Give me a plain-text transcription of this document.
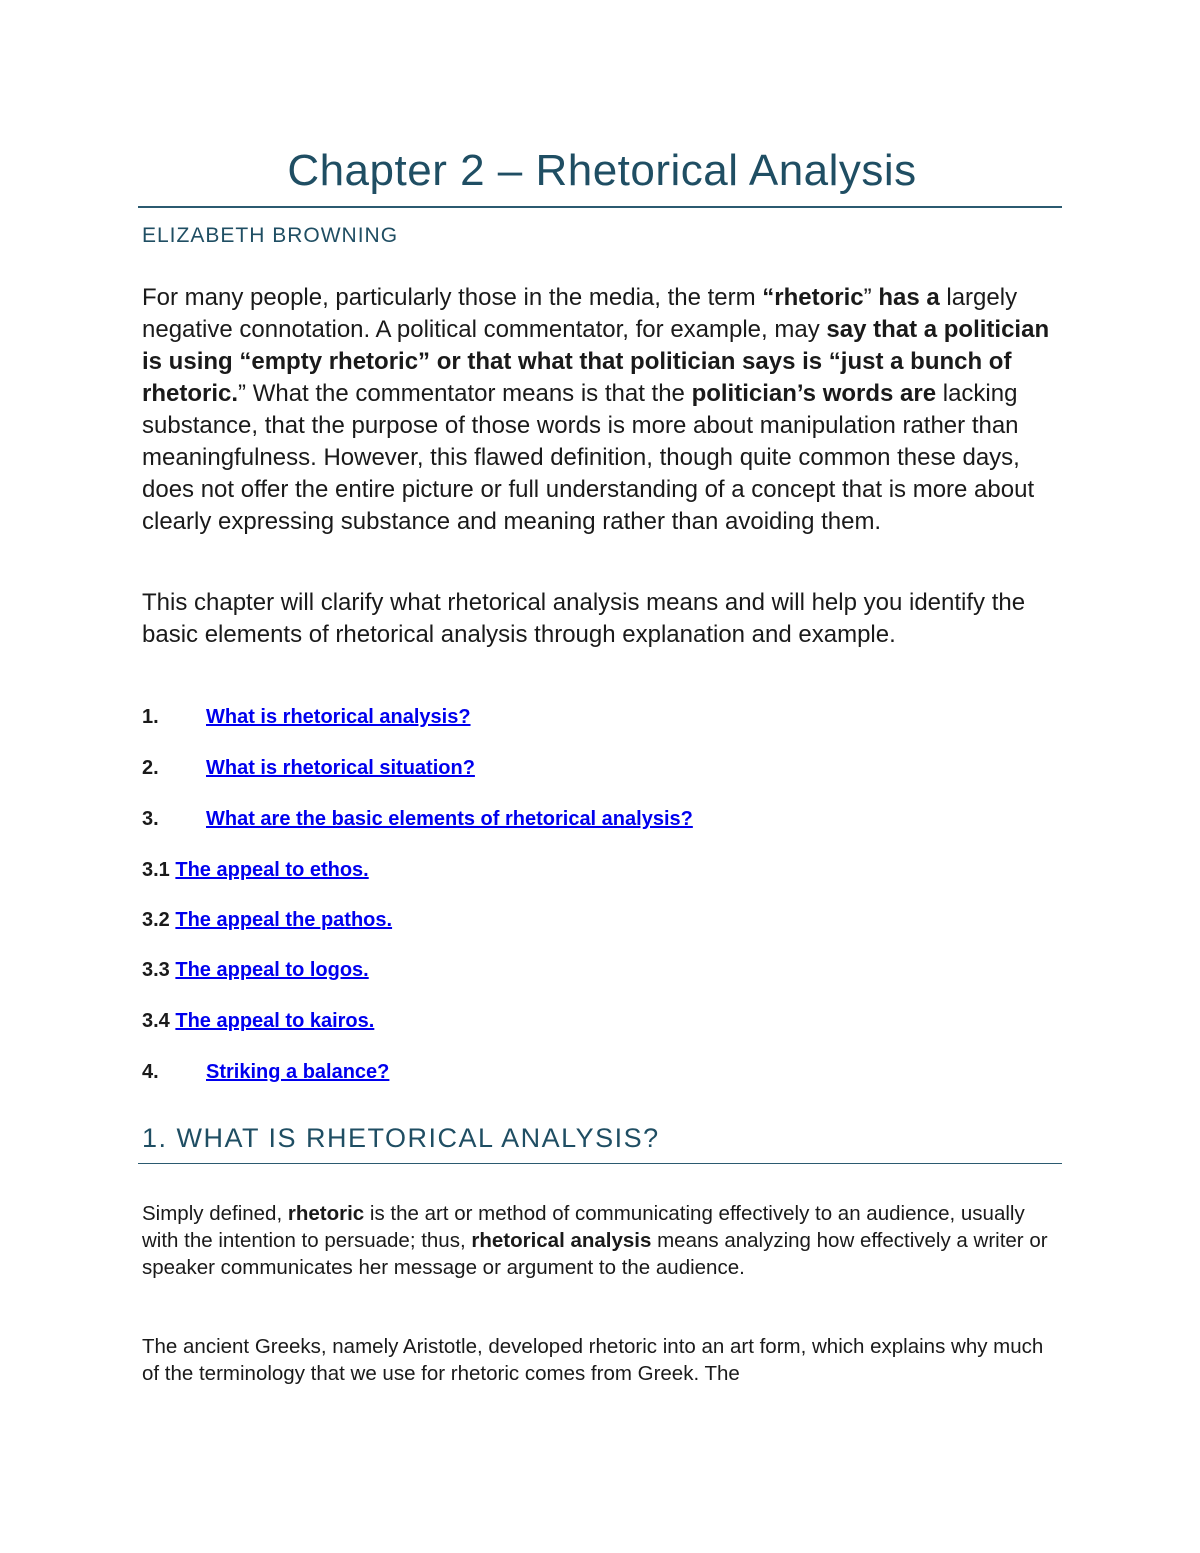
Chapter 2 – Rhetorical Analysis
ELIZABETH BROWNING

For many people, particularly those in the media, the term “rhetoric” has a largely negative connotation. A political commentator, for example, may say that a politician is using “empty rhetoric” or that what that politician says is “just a bunch of rhetoric.” What the commentator means is that the politician’s words are lacking substance, that the purpose of those words is more about manipulation rather than meaningfulness. However, this flawed definition, though quite common these days, does not offer the entire picture or full understanding of a concept that is more about clearly expressing substance and meaning rather than avoiding them.

This chapter will clarify what rhetorical analysis means and will help you identify the basic elements of rhetorical analysis through explanation and example.

1. What is rhetorical analysis?
2. What is rhetorical situation?
3. What are the basic elements of rhetorical analysis?
3.1 The appeal to ethos.
3.2 The appeal the pathos.
3.3 The appeal to logos.
3.4 The appeal to kairos.
4. Striking a balance?
1. WHAT IS RHETORICAL ANALYSIS?

Simply defined, rhetoric is the art or method of communicating effectively to an audience, usually with the intention to persuade; thus, rhetorical analysis means analyzing how effectively a writer or speaker communicates her message or argument to the audience.

The ancient Greeks, namely Aristotle, developed rhetoric into an art form, which explains why much of the terminology that we use for rhetoric comes from Greek. The
